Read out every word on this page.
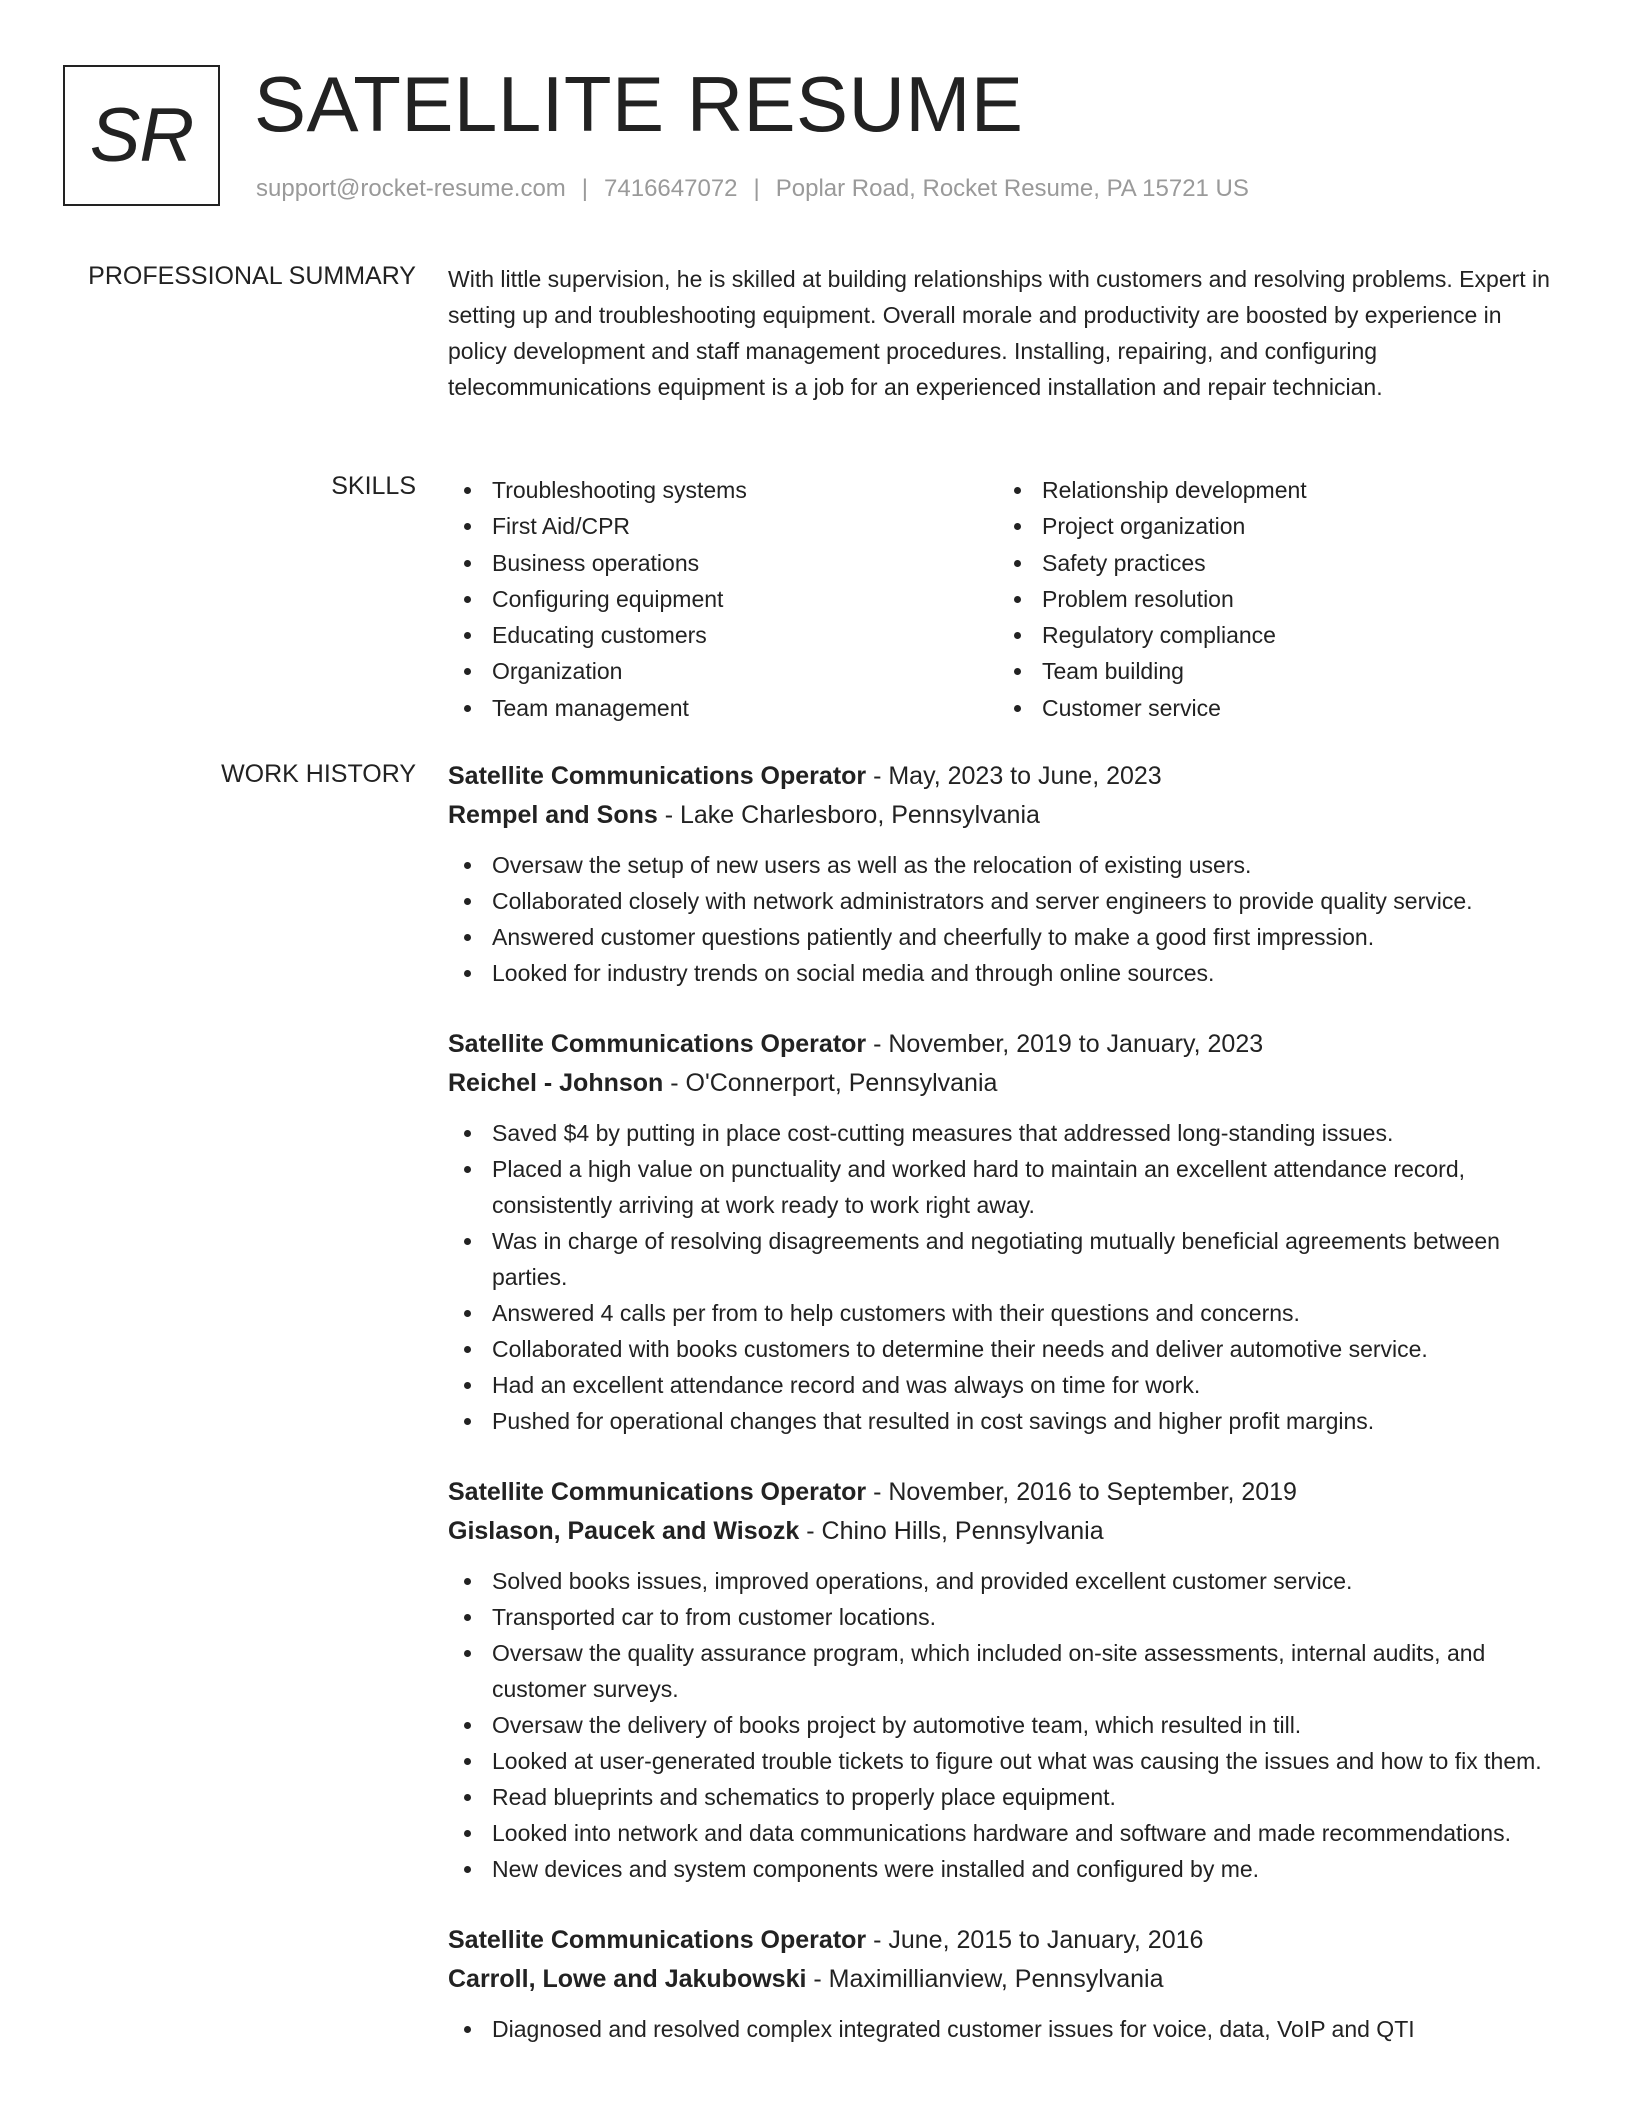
SR SATELLITE RESUME
support@rocket-resume.com | 7416647072 | Poplar Road, Rocket Resume, PA 15721 US
PROFESSIONAL SUMMARY With little supervision, he is skilled at building relationships with customers and resolving problems. Expert in setting up and troubleshooting equipment. Overall morale and productivity are boosted by experience in policy development and staff management procedures. Installing, repairing, and configuring telecommunications equipment is a job for an experienced installation and repair technician.

SKILLS	Troubleshooting systems
First Aid/CPR
Business operations
Configuring equipment
Educating customers
Organization
Team management
Relationship development
Project organization
Safety practices
Problem resolution
Regulatory compliance
Team building
Customer service
WORK HISTORY Satellite Communications Operator - May, 2023 to June, 2023
Rempel and Sons - Lake Charlesboro, Pennsylvania
Oversaw the setup of new users as well as the relocation of existing users.
Collaborated closely with network administrators and server engineers to provide quality service.
Answered customer questions patiently and cheerfully to make a good first impression.
Looked for industry trends on social media and through online sources.
Satellite Communications Operator - November, 2019 to January, 2023
Reichel - Johnson - O'Connerport, Pennsylvania
Saved $4 by putting in place cost-cutting measures that addressed long-standing issues.
Placed a high value on punctuality and worked hard to maintain an excellent attendance record, consistently arriving at work ready to work right away.
Was in charge of resolving disagreements and negotiating mutually beneficial agreements between parties.
Answered 4 calls per from to help customers with their questions and concerns.
Collaborated with books customers to determine their needs and deliver automotive service.
Had an excellent attendance record and was always on time for work.
Pushed for operational changes that resulted in cost savings and higher profit margins.
Satellite Communications Operator - November, 2016 to September, 2019
Gislason, Paucek and Wisozk - Chino Hills, Pennsylvania
Solved books issues, improved operations, and provided excellent customer service.
Transported car to from customer locations.
Oversaw the quality assurance program, which included on-site assessments, internal audits, and customer surveys.
Oversaw the delivery of books project by automotive team, which resulted in till.
Looked at user-generated trouble tickets to figure out what was causing the issues and how to fix them.
Read blueprints and schematics to properly place equipment.
Looked into network and data communications hardware and software and made recommendations.
New devices and system components were installed and configured by me.
Satellite Communications Operator - June, 2015 to January, 2016
Carroll, Lowe and Jakubowski - Maximillianview, Pennsylvania
Diagnosed and resolved complex integrated customer issues for voice, data, VoIP and QTI
